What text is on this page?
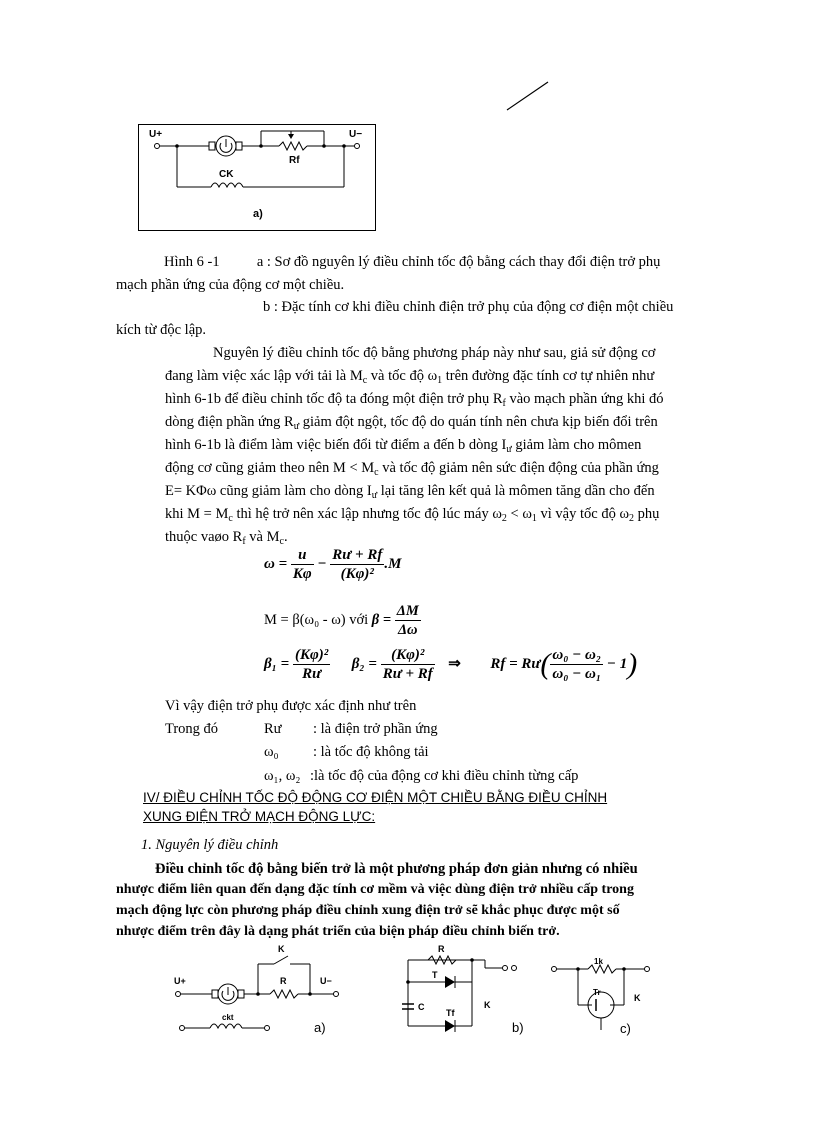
U+	U−
Rf
CK
a)
Hình 6 -1	a : Sơ đồ nguyên lý điều chỉnh tốc độ bằng cách thay đổi điện trở phụ
mạch phần ứng của động cơ một chiều.
b : Đặc tính cơ khi điều chỉnh điện trở phụ của động cơ điện một chiều
kích từ độc lập.
Nguyên lý điều chỉnh tốc độ bằng phương pháp này như sau, giả sử động cơ
đang làm việc xác lập với tải là $M_c$ và tốc độ $\omega_1$ trên đường đặc tính cơ tự nhiên như
hình 6-1b để điều chỉnh tốc độ ta đóng một điện trở phụ $R_f$ vào mạch phần ứng khi đó
dòng điện phần ứng $R_ư$ giảm đột ngột, tốc độ do quán tính nên chưa kịp biến đổi trên
hình 6-1b là điểm làm việc biến đổi từ điểm a đến b dòng $I_ư$ giảm làm cho mômen
động cơ cũng giảm theo nên $M < M_c$ và tốc độ giảm nên sức điện động của phần ứng
E= KΦω cũng giảm làm cho dòng $I_ư$ lại tăng lên kết quả là mômen tăng dần cho đến
khi $M = M_c$ thì hệ trở nên xác lập nhưng tốc độ lúc máy $\omega_2 < \omega_1$ vì vậy tốc độ $\omega_2$ phụ
thuộc vaøo $R_f$ và $M_c$.
$\omega = \frac{u}{K\varphi} - \frac{Rư + Rf}{\text{(Kφ)²}} .M$
M = β(ω₀ - ω) với $\beta = \frac{\Delta M}{\Delta\omega}$
$\beta_1 = \frac{\text{(Kφ)²}}{Rư} \beta_2 = \frac{\text{(Kφ)²}}{Rư + Rf}$ ⇒ Rf = Rư( $\frac{\text{ω₀ − ω₂}}{\text{ω₀ − ω₁}} - 1$)
Vì vậy điện trở phụ được xác định như trên
Trong đó	Rư : là điện trở phần ứng
ω₀ : là tốc độ không tải
ω₁, ω₂ :là tốc độ của động cơ khi điều chỉnh từng cấp
IV/ ĐIỀU CHỈNH TỐC ĐỘ ĐỘNG CƠ ĐIỆN MỘT CHIỀU BẰNG ĐIỀU CHỈNH
XUNG ĐIỆN TRỞ MẠCH ĐỘNG LỰC:
1. Nguyên lý điều chỉnh
Điều chỉnh tốc độ bằng biến trở là một phương pháp đơn giản nhưng có nhiều
nhược điểm liên quan đến dạng đặc tính cơ mềm và việc dùng điện trở nhiều cấp trong
mạch động lực còn phương pháp điều chỉnh xung điện trở sẽ khắc phục được một số
nhược điểm trên đây là dạng phát triển của biện pháp điều chỉnh biến trở.
U+	U−
K
R
ckt
a)
R
T
C
Tf
K
b)
1k
Tr
K
c)
